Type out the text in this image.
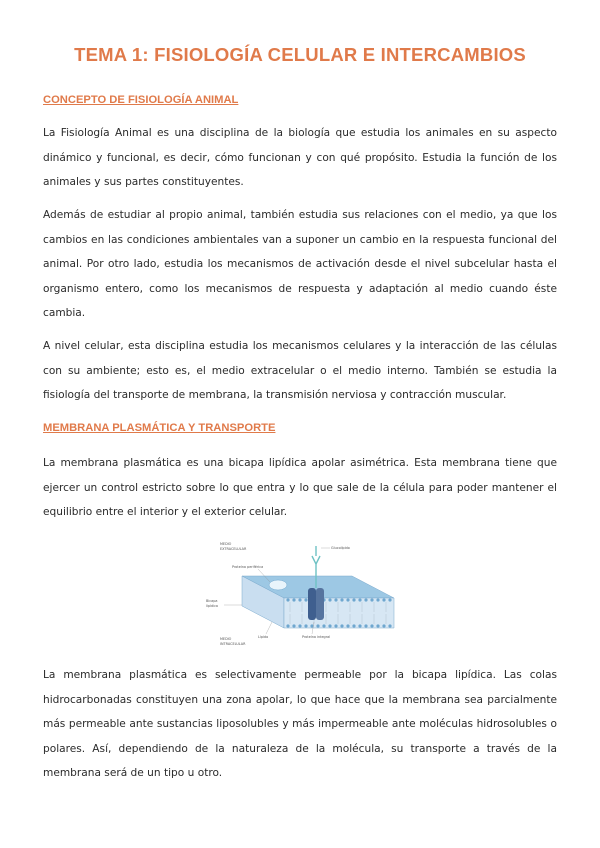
TEMA 1: FISIOLOGÍA CELULAR E INTERCAMBIOS
CONCEPTO DE FISIOLOGÍA ANIMAL

La Fisiología Animal es una disciplina de la biología que estudia los animales en su aspecto dinámico y funcional, es decir, cómo funcionan y con qué propósito. Estudia la función de los animales y sus partes constituyentes.

Además de estudiar al propio animal, también estudia sus relaciones con el medio, ya que los cambios en las condiciones ambientales van a suponer un cambio en la respuesta funcional del animal. Por otro lado, estudia los mecanismos de activación desde el nivel subcelular hasta el organismo entero, como los mecanismos de respuesta y adaptación al medio cuando éste cambia.

A nivel celular, esta disciplina estudia los mecanismos celulares y la interacción de las células con su ambiente; esto es, el medio extracelular o el medio interno. También se estudia la fisiología del transporte de membrana, la transmisión nerviosa y contracción muscular.

MEMBRANA PLASMÁTICA Y TRANSPORTE

La membrana plasmática es una bicapa lipídica apolar asimétrica. Esta membrana tiene que ejercer un control estricto sobre lo que entra y lo que sale de la célula para poder mantener el equilibrio entre el interior y el exterior celular.

MEDIO
EXTRACELULAR	Glucolípido
Proteína periférica
Bicapa
lipídica
Lípido	Proteína integral
MEDIO
INTRACELULAR

La membrana plasmática es selectivamente permeable por la bicapa lipídica. Las colas hidrocarbonadas constituyen una zona apolar, lo que hace que la membrana sea parcialmente más permeable ante sustancias liposolubles y más impermeable ante moléculas hidrosolubles o polares. Así, dependiendo de la naturaleza de la molécula, su transporte a través de la membrana será de un tipo u otro.
